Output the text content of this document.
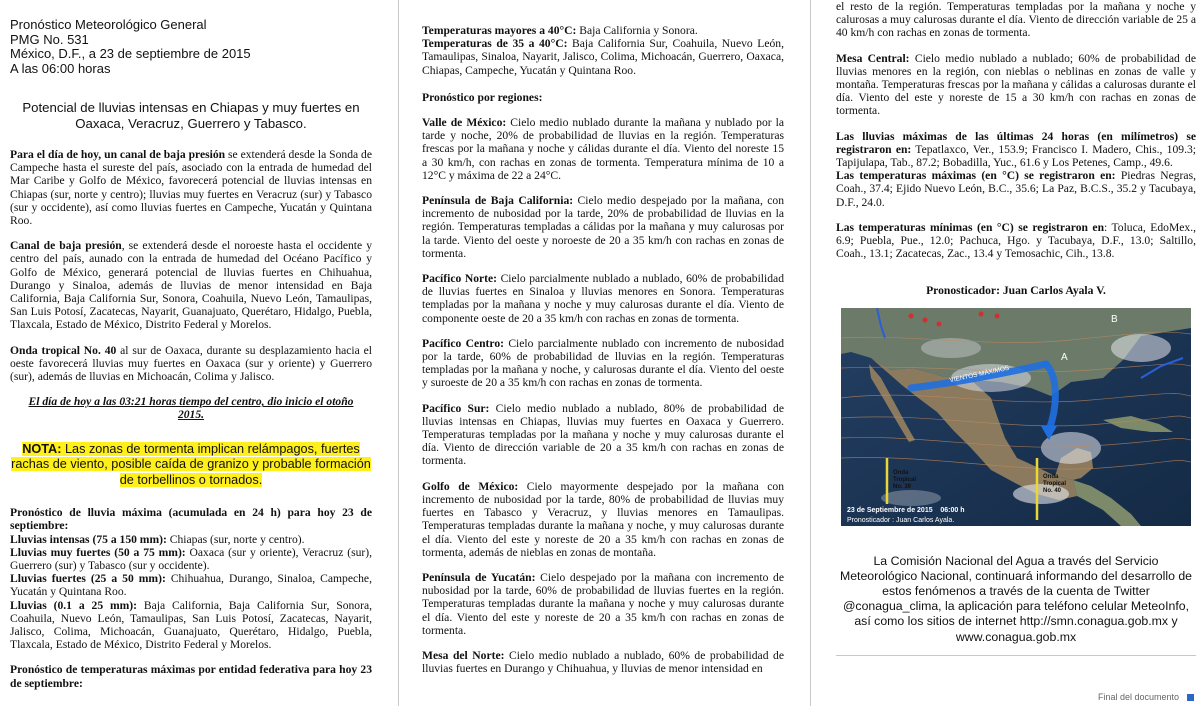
Pronóstico Meteorológico General
PMG No. 531
México, D.F., a 23 de septiembre de 2015
A las 06:00 horas
Potencial de lluvias intensas en Chiapas y muy fuertes en Oaxaca, Veracruz, Guerrero y Tabasco.

Para el día de hoy, un canal de baja presión se extenderá desde la Sonda de Campeche hasta el sureste del país, asociado con la entrada de humedad del Mar Caribe y Golfo de México, favorecerá potencial de lluvias intensas en Chiapas (sur, norte y centro); lluvias muy fuertes en Veracruz (sur) y Tabasco (sur y occidente), así como lluvias fuertes en Campeche, Yucatán y Quintana Roo.

Canal de baja presión, se extenderá desde el noroeste hasta el occidente y centro del país, aunado con la entrada de humedad del Océano Pacífico y Golfo de México, generará potencial de lluvias fuertes en Chihuahua, Durango y Sinaloa, además de lluvias de menor intensidad en Baja California, Baja California Sur, Sonora, Coahuila, Nuevo León, Tamaulipas, San Luis Potosí, Zacatecas, Nayarit, Guanajuato, Querétaro, Hidalgo, Puebla, Tlaxcala, Estado de México, Distrito Federal y Morelos.

Onda tropical No. 40 al sur de Oaxaca, durante su desplazamiento hacia el oeste favorecerá lluvias muy fuertes en Oaxaca (sur y oriente) y Guerrero (sur), además de lluvias en Michoacán, Colima y Jalisco.

El día de hoy a las 03:21 horas tiempo del centro, dio inicio el otoño 2015.

NOTA: Las zonas de tormenta implican relámpagos, fuertes rachas de viento, posible caída de granizo y probable formación de torbellinos o tornados.

Pronóstico de lluvia máxima (acumulada en 24 h) para hoy 23 de septiembre:

Lluvias intensas (75 a 150 mm): Chiapas (sur, norte y centro).

Lluvias muy fuertes (50 a 75 mm): Oaxaca (sur y oriente), Veracruz (sur), Guerrero (sur) y Tabasco (sur y occidente).

Lluvias fuertes (25 a 50 mm): Chihuahua, Durango, Sinaloa, Campeche, Yucatán y Quintana Roo.

Lluvias (0.1 a 25 mm): Baja California, Baja California Sur, Sonora, Coahuila, Nuevo León, Tamaulipas, San Luis Potosí, Zacatecas, Nayarit, Jalisco, Colima, Michoacán, Guanajuato, Querétaro, Hidalgo, Puebla, Tlaxcala, Estado de México, Distrito Federal y Morelos.

Pronóstico de temperaturas máximas por entidad federativa para hoy 23 de septiembre:

Temperaturas mayores a 40°C: Baja California y Sonora.

Temperaturas de 35 a 40°C: Baja California Sur, Coahuila, Nuevo León, Tamaulipas, Sinaloa, Nayarit, Jalisco, Colima, Michoacán, Guerrero, Oaxaca, Chiapas, Campeche, Yucatán y Quintana Roo.

Pronóstico por regiones:

Valle de México: Cielo medio nublado durante la mañana y nublado por la tarde y noche, 20% de probabilidad de lluvias en la región. Temperaturas frescas por la mañana y noche y cálidas durante el día. Viento del noreste 15 a 30 km/h, con rachas en zonas de tormenta. Temperatura mínima de 10 a 12°C y máxima de 22 a 24°C.

Península de Baja California: Cielo medio despejado por la mañana, con incremento de nubosidad por la tarde, 20% de probabilidad de lluvias en la región. Temperaturas templadas a cálidas por la mañana y muy calurosas por la tarde. Viento del oeste y noroeste de 20 a 35 km/h con rachas en zonas de tormenta.

Pacífico Norte: Cielo parcialmente nublado a nublado, 60% de probabilidad de lluvias fuertes en Sinaloa y lluvias menores en Sonora. Temperaturas templadas por la mañana y noche y muy calurosas durante el día. Viento de componente oeste de 20 a 35 km/h con rachas en zonas de tormenta.

Pacífico Centro: Cielo parcialmente nublado con incremento de nubosidad por la tarde, 60% de probabilidad de lluvias en la región. Temperaturas templadas por la mañana y noche, y calurosas durante el día. Viento del oeste y suroeste de 20 a 35 km/h con rachas en zonas de tormenta.

Pacífico Sur: Cielo medio nublado a nublado, 80% de probabilidad de lluvias intensas en Chiapas, lluvias muy fuertes en Oaxaca y Guerrero. Temperaturas templadas por la mañana y noche y muy calurosas durante el día. Viento de dirección variable de 20 a 35 km/h con rachas en zonas de tormenta.

Golfo de México: Cielo mayormente despejado por la mañana con incremento de nubosidad por la tarde, 80% de probabilidad de lluvias muy fuertes en Tabasco y Veracruz, y lluvias menores en Tamaulipas. Temperaturas templadas durante la mañana y noche, y muy calurosas durante el día. Viento del este y noreste de 20 a 35 km/h con rachas en zonas de tormenta, además de nieblas en zonas de montaña.

Península de Yucatán: Cielo despejado por la mañana con incremento de nubosidad por la tarde, 60% de probabilidad de lluvias fuertes en la región. Temperaturas templadas durante la mañana y noche y muy calurosas durante el día. Viento del este y noreste de 20 a 35 km/h con rachas en zonas de tormenta.

Mesa del Norte: Cielo medio nublado a nublado, 60% de probabilidad de lluvias fuertes en Durango y Chihuahua, y lluvias de menor intensidad en

el resto de la región. Temperaturas templadas por la mañana y noche y calurosas a muy calurosas durante el día. Viento de dirección variable de 25 a 40 km/h con rachas en zonas de tormenta.

Mesa Central: Cielo medio nublado a nublado; 60% de probabilidad de lluvias menores en la región, con nieblas o neblinas en zonas de valle y montaña. Temperaturas frescas por la mañana y cálidas a calurosas durante el día. Viento del este y noreste de 15 a 30 km/h con rachas en zonas de tormenta.

Las lluvias máximas de las últimas 24 horas (en milímetros) se registraron en: Tepatlaxco, Ver., 153.9; Francisco I. Madero, Chis., 109.3; Tapijulapa, Tab., 87.2; Bobadilla, Yuc., 61.6 y Los Petenes, Camp., 49.6.

Las temperaturas máximas (en °C) se registraron en: Piedras Negras, Coah., 37.4; Ejido Nuevo León, B.C., 35.6; La Paz, B.C.S., 35.2 y Tacubaya, D.F., 24.0.

Las temperaturas mínimas (en °C) se registraron en: Toluca, EdoMex., 6.9; Puebla, Pue., 12.0; Pachuca, Hgo. y Tacubaya, D.F., 13.0; Saltillo, Coah., 13.1; Zacatecas, Zac., 13.4 y Temosachic, Cih., 13.8.

Pronosticador: Juan Carlos Ayala V.

B
A
VIENTOS MÁXIMOS
Onda Tropical No. 39
Onda Tropical No. 40
23 de Septiembre de 2015    06:00 h
Pronosticador : Juan Carlos Ayala.
La Comisión Nacional del Agua a través del Servicio Meteorológico Nacional, continuará informando del desarrollo de estos fenómenos a través de la cuenta de Twitter @conagua_clima, la aplicación para teléfono celular MeteoInfo, así como los sitios de internet http://smn.conagua.gob.mx y www.conagua.gob.mx
Final del documento
